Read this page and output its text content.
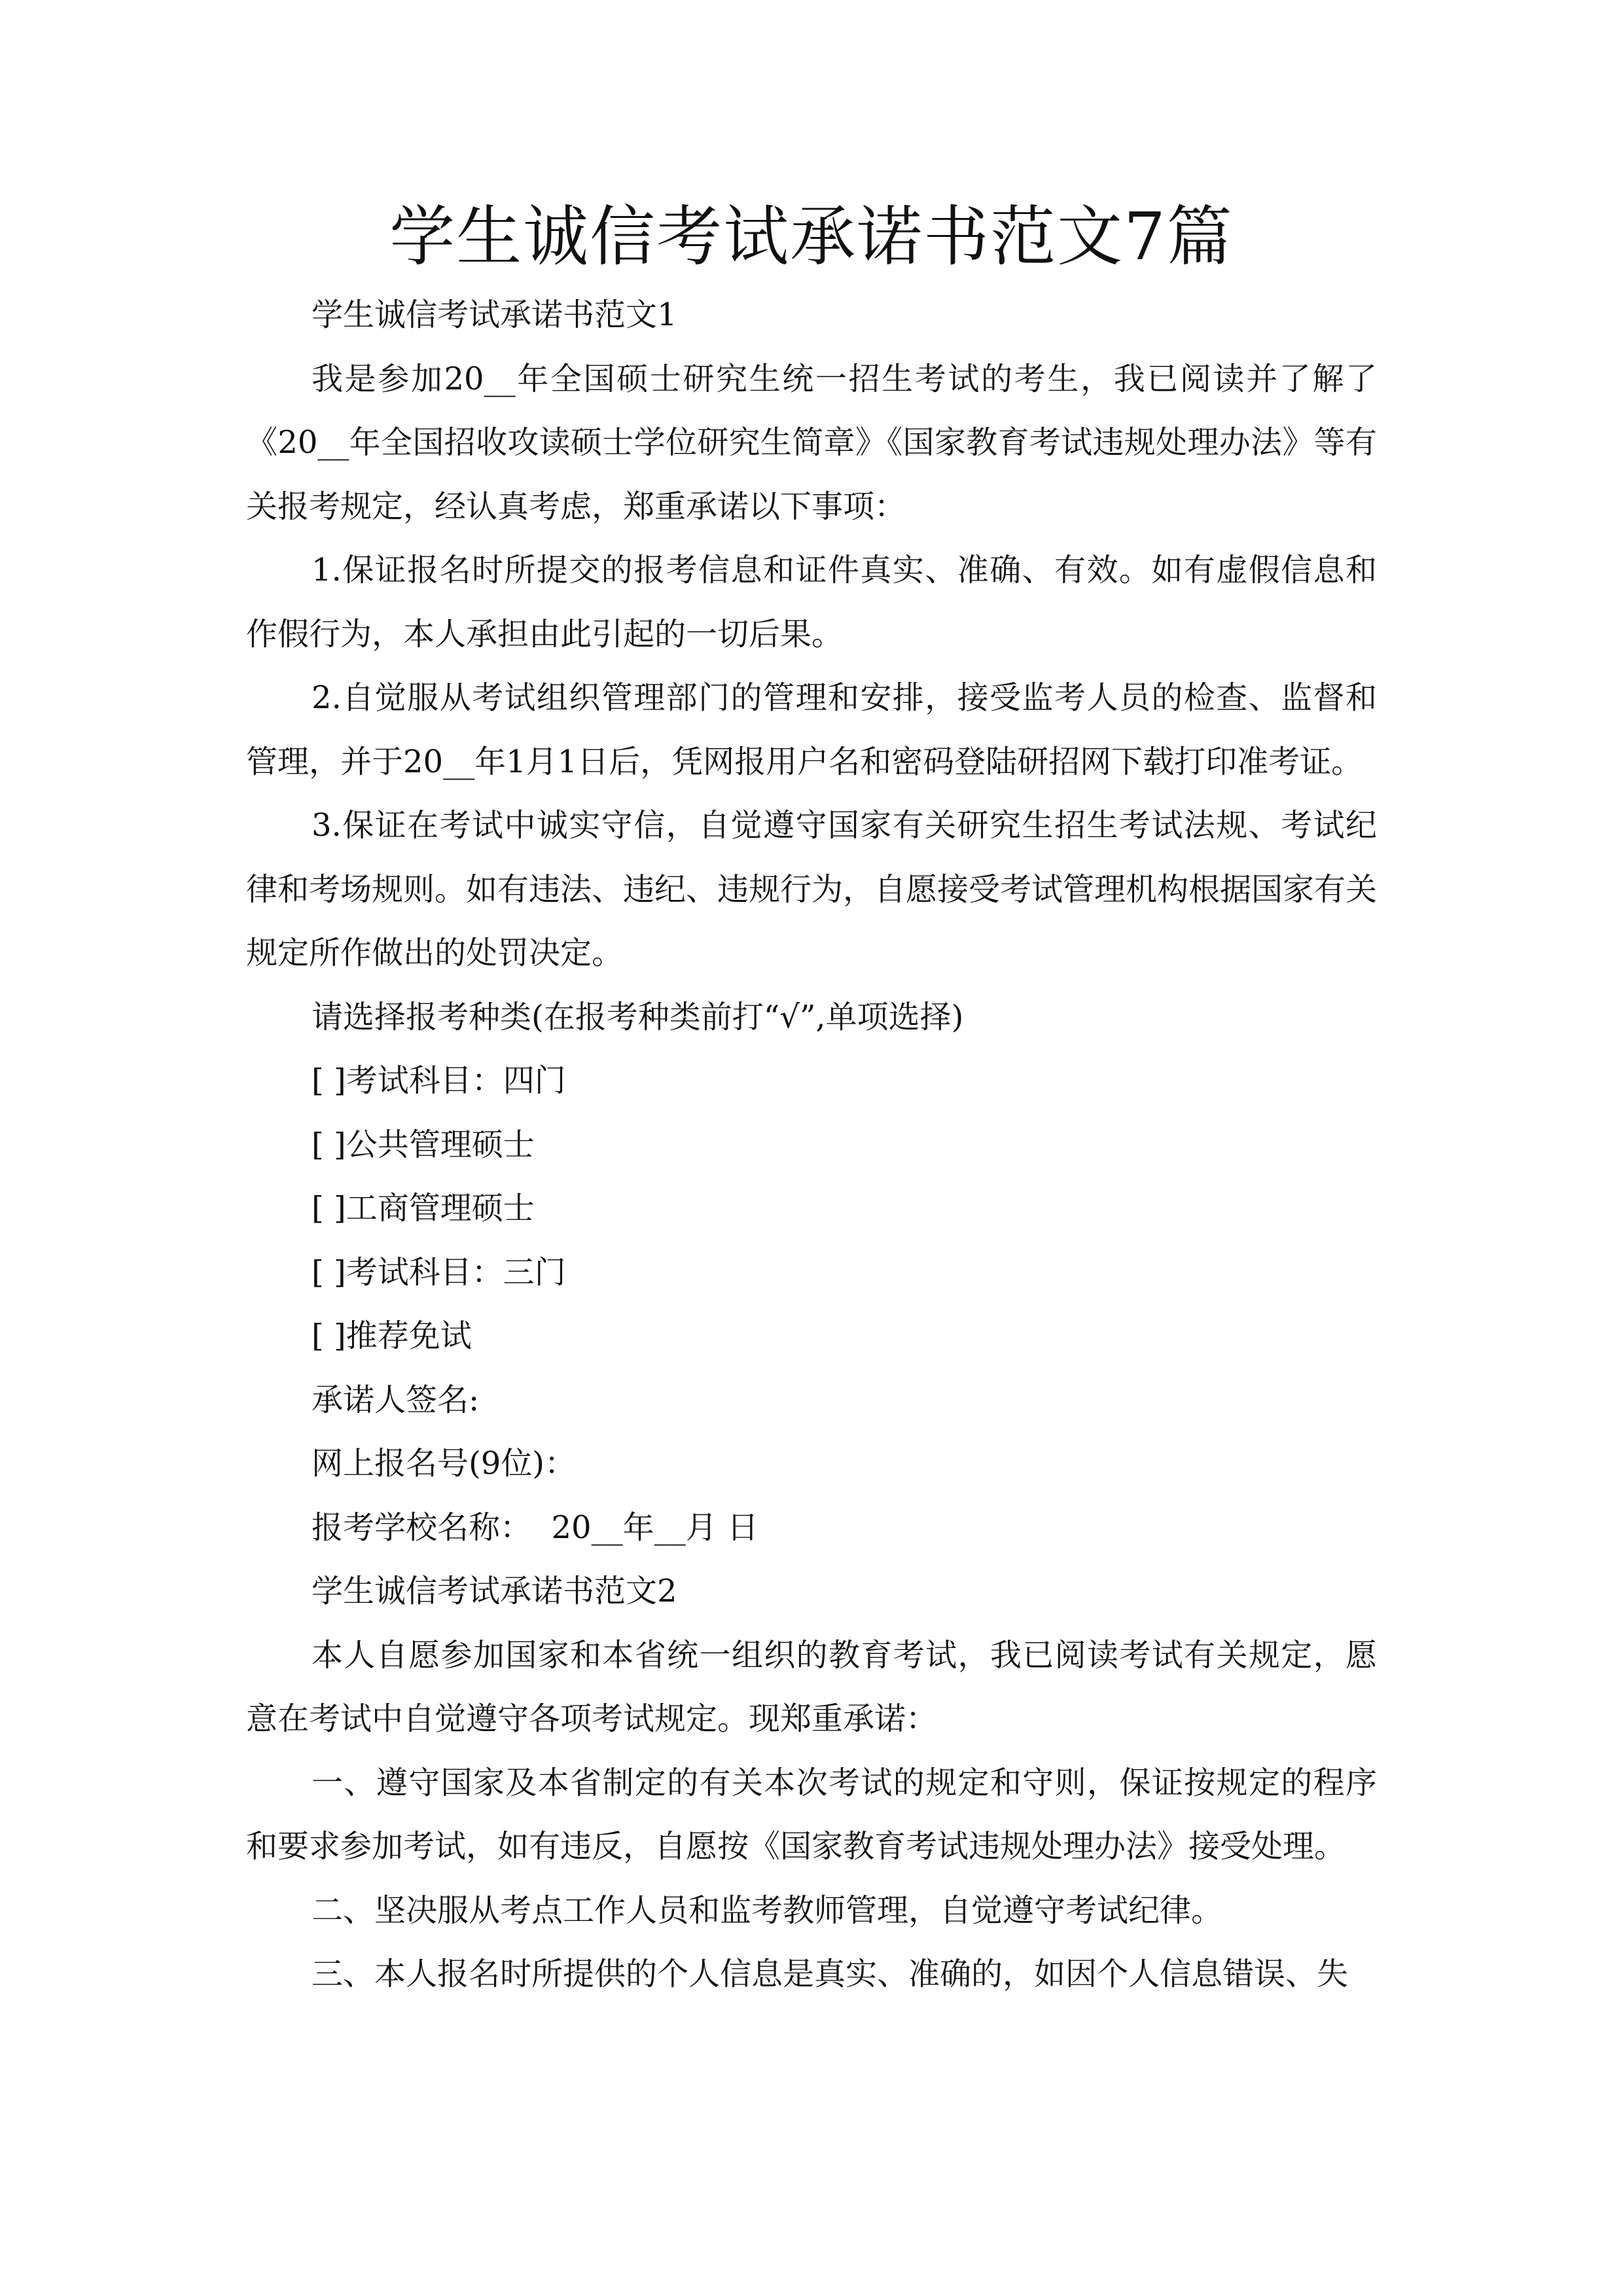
学生诚信考试承诺书范文7篇

学生诚信考试承诺书范文1

我是参加20__年全国硕士研究生统一招生考试的考生，我已阅读并了解了《20__年全国招收攻读硕士学位研究生简章》《国家教育考试违规处理办法》等有关报考规定，经认真考虑，郑重承诺以下事项：

1.保证报名时所提交的报考信息和证件真实、准确、有效。如有虚假信息和作假行为，本人承担由此引起的一切后果。

2.自觉服从考试组织管理部门的管理和安排，接受监考人员的检查、监督和管理，并于20__年1月1日后，凭网报用户名和密码登陆研招网下载打印准考证。

3.保证在考试中诚实守信，自觉遵守国家有关研究生招生考试法规、考试纪律和考场规则。如有违法、违纪、违规行为，自愿接受考试管理机构根据国家有关规定所作做出的处罚决定。

请选择报考种类(在报考种类前打“√”,单项选择)

[ ]考试科目：四门

[ ]公共管理硕士

[ ]工商管理硕士

[ ]考试科目：三门

[ ]推荐免试

承诺人签名:

网上报名号(9位)：

报考学校名称：  20__年__月 日

学生诚信考试承诺书范文2

本人自愿参加国家和本省统一组织的教育考试，我已阅读考试有关规定，愿意在考试中自觉遵守各项考试规定。现郑重承诺：

一、遵守国家及本省制定的有关本次考试的规定和守则，保证按规定的程序和要求参加考试，如有违反，自愿按《国家教育考试违规处理办法》接受处理。

二、坚决服从考点工作人员和监考教师管理，自觉遵守考试纪律。

三、本人报名时所提供的个人信息是真实、准确的，如因个人信息错误、失
